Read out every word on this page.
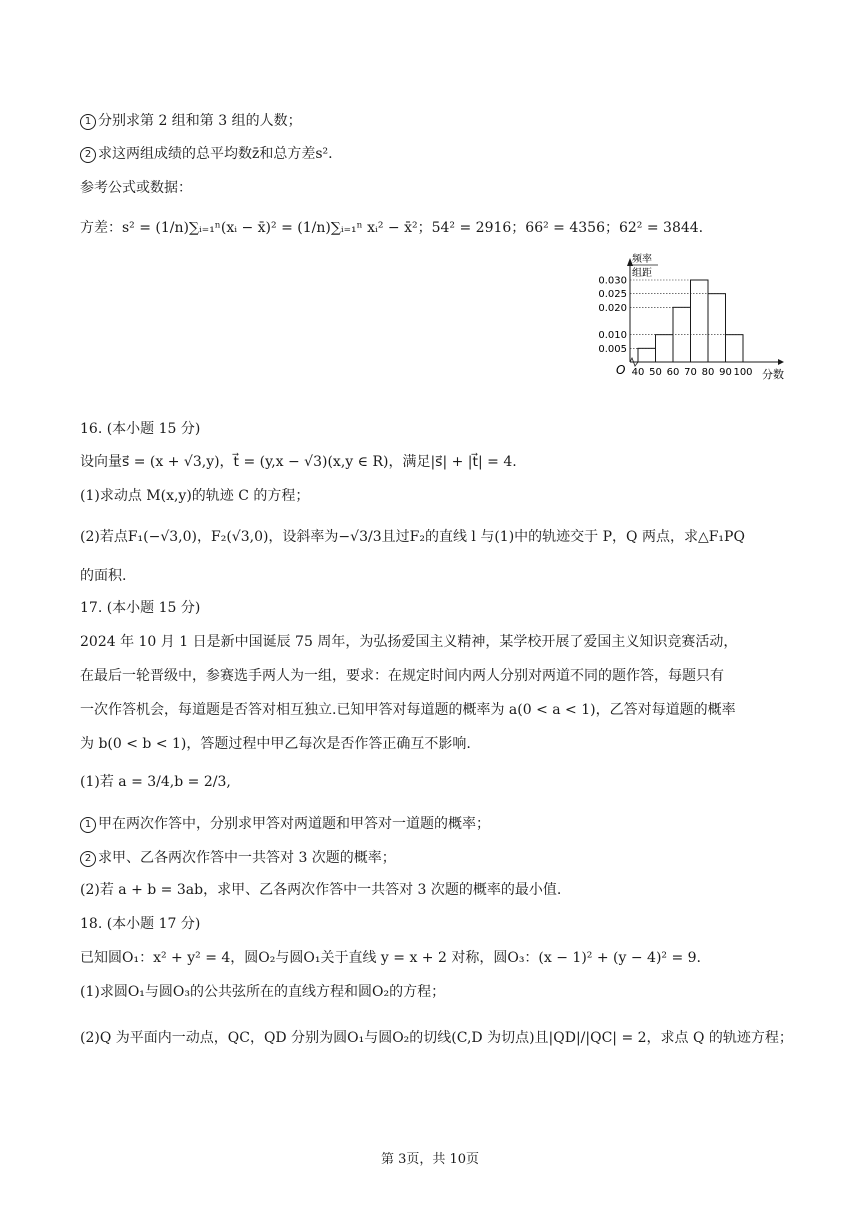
1 分别求第 2 组和第 3 组的人数；
2 求这两组成绩的总平均数z̄和总方差s².
参考公式或数据：
方差：s² = (1/n)∑ᵢ₌₁ⁿ(xᵢ − x̄)² = (1/n)∑ᵢ₌₁ⁿ xᵢ² − x̄²；54² = 2916；66² = 4356；62² = 3844.
频率
组距
0.005
0.010
0.020
0.025
0.030
40 50 60 70 80 90 100 分数
O
16. (本小题 15 分)
设向量s⃗ = (x + √3,y)，t⃗ = (y,x − √3)(x,y ∈ R)，满足|s⃗| + |t⃗| = 4.
(1)求动点 M(x,y)的轨迹 C 的方程；
(2)若点F₁(−√3,0)，F₂(√3,0)，设斜率为−√3/3且过F₂的直线 l 与(1)中的轨迹交于 P，Q 两点，求△F₁PQ
的面积.
17. (本小题 15 分)
2024 年 10 月 1 日是新中国诞辰 75 周年，为弘扬爱国主义精神，某学校开展了爱国主义知识竞赛活动，
在最后一轮晋级中，参赛选手两人为一组，要求：在规定时间内两人分别对两道不同的题作答，每题只有
一次作答机会，每道题是否答对相互独立.已知甲答对每道题的概率为 a(0 < a < 1)，乙答对每道题的概率
为 b(0 < b < 1)，答题过程中甲乙每次是否作答正确互不影响.
(1)若 a = 3/4,b = 2/3,
1 甲在两次作答中，分别求甲答对两道题和甲答对一道题的概率；
2 求甲、乙各两次作答中一共答对 3 次题的概率；
(2)若 a + b = 3ab，求甲、乙各两次作答中一共答对 3 次题的概率的最小值.
18. (本小题 17 分)
已知圆O₁：x² + y² = 4，圆O₂与圆O₁关于直线 y = x + 2 对称，圆O₃：(x − 1)² + (y − 4)² = 9.
(1)求圆O₁与圆O₃的公共弦所在的直线方程和圆O₂的方程；
(2)Q 为平面内一动点，QC，QD 分别为圆O₁与圆O₂的切线(C,D 为切点)且|QD|/|QC| = 2，求点 Q 的轨迹方程；
第 3页，共 10页
